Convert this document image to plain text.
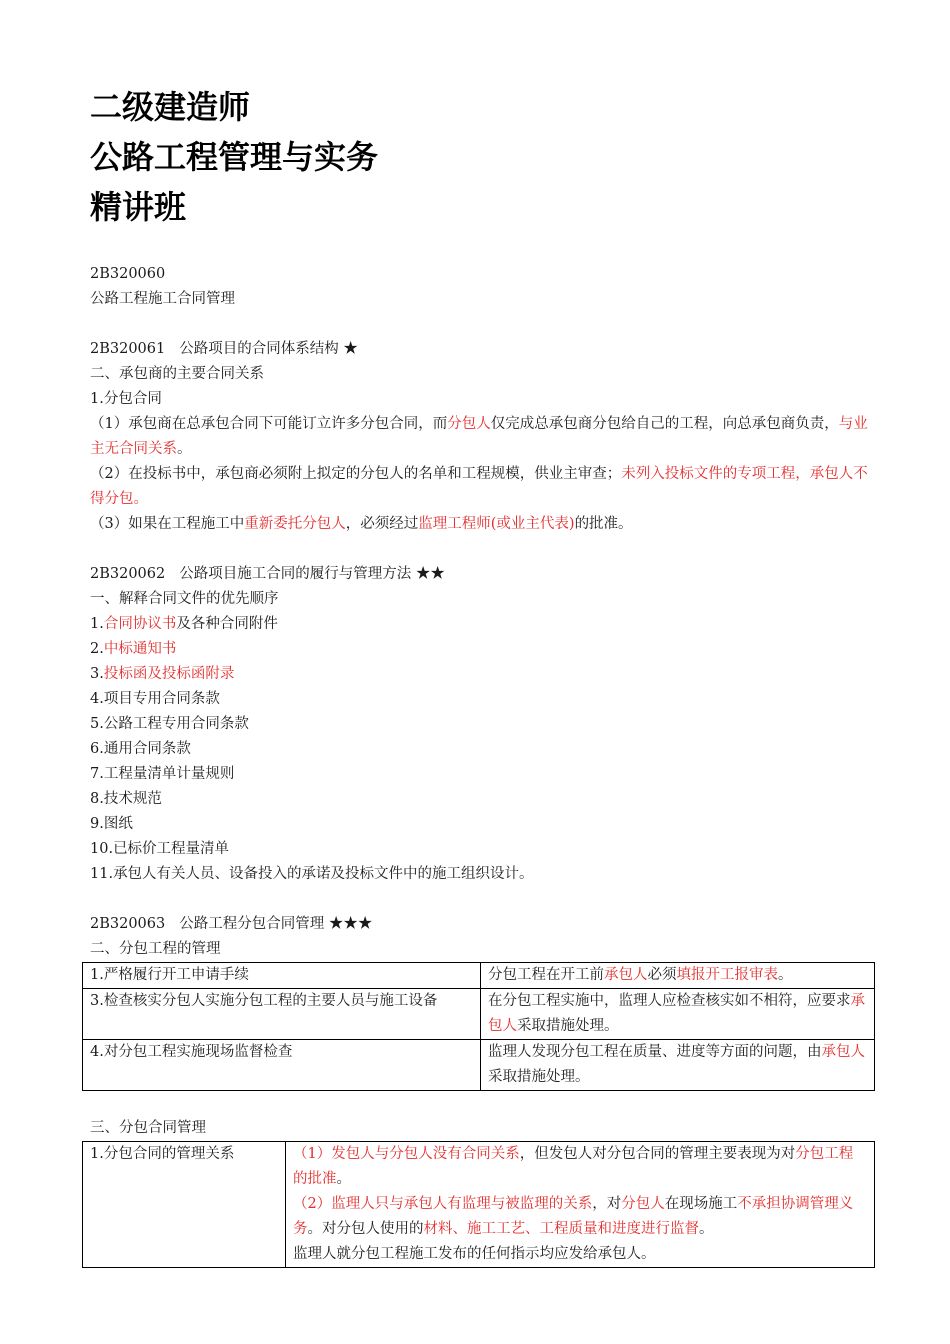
二级建造师
公路工程管理与实务
精讲班

2B320060

公路工程施工合同管理

2B320061 公路项目的合同体系结构 ★

二、承包商的主要合同关系

1.分包合同

（1）承包商在总承包合同下可能订立许多分包合同，而分包人仅完成总承包商分包给自己的工程，向总承包商负责，与业主无合同关系。

（2）在投标书中，承包商必须附上拟定的分包人的名单和工程规模，供业主审查；未列入投标文件的专项工程，承包人不得分包。

（3）如果在工程施工中重新委托分包人，必须经过监理工程师(或业主代表)的批准。

2B320062 公路项目施工合同的履行与管理方法 ★★

一、解释合同文件的优先顺序

1.合同协议书及各种合同附件

2.中标通知书

3.投标函及投标函附录

4.项目专用合同条款

5.公路工程专用合同条款

6.通用合同条款

7.工程量清单计量规则

8.技术规范

9.图纸

10.已标价工程量清单

11.承包人有关人员、设备投入的承诺及投标文件中的施工组织设计。

2B320063 公路工程分包合同管理 ★★★

二、分包工程的管理

1.严格履行开工申请手续	分包工程在开工前承包人必须填报开工报审表。
3.检查核实分包人实施分包工程的主要人员与施工设备	在分包工程实施中，监理人应检查核实如不相符，应要求承包人采取措施处理。
4.对分包工程实施现场监督检查	监理人发现分包工程在质量、进度等方面的问题，由承包人采取措施处理。

三、分包合同管理

1.分包合同的管理关系	（1）发包人与分包人没有合同关系，但发包人对分包合同的管理主要表现为对分包工程的批准。
（2）监理人只与承包人有监理与被监理的关系，对分包人在现场施工不承担协调管理义务。对分包人使用的材料、施工工艺、工程质量和进度进行监督。
监理人就分包工程施工发布的任何指示均应发给承包人。
